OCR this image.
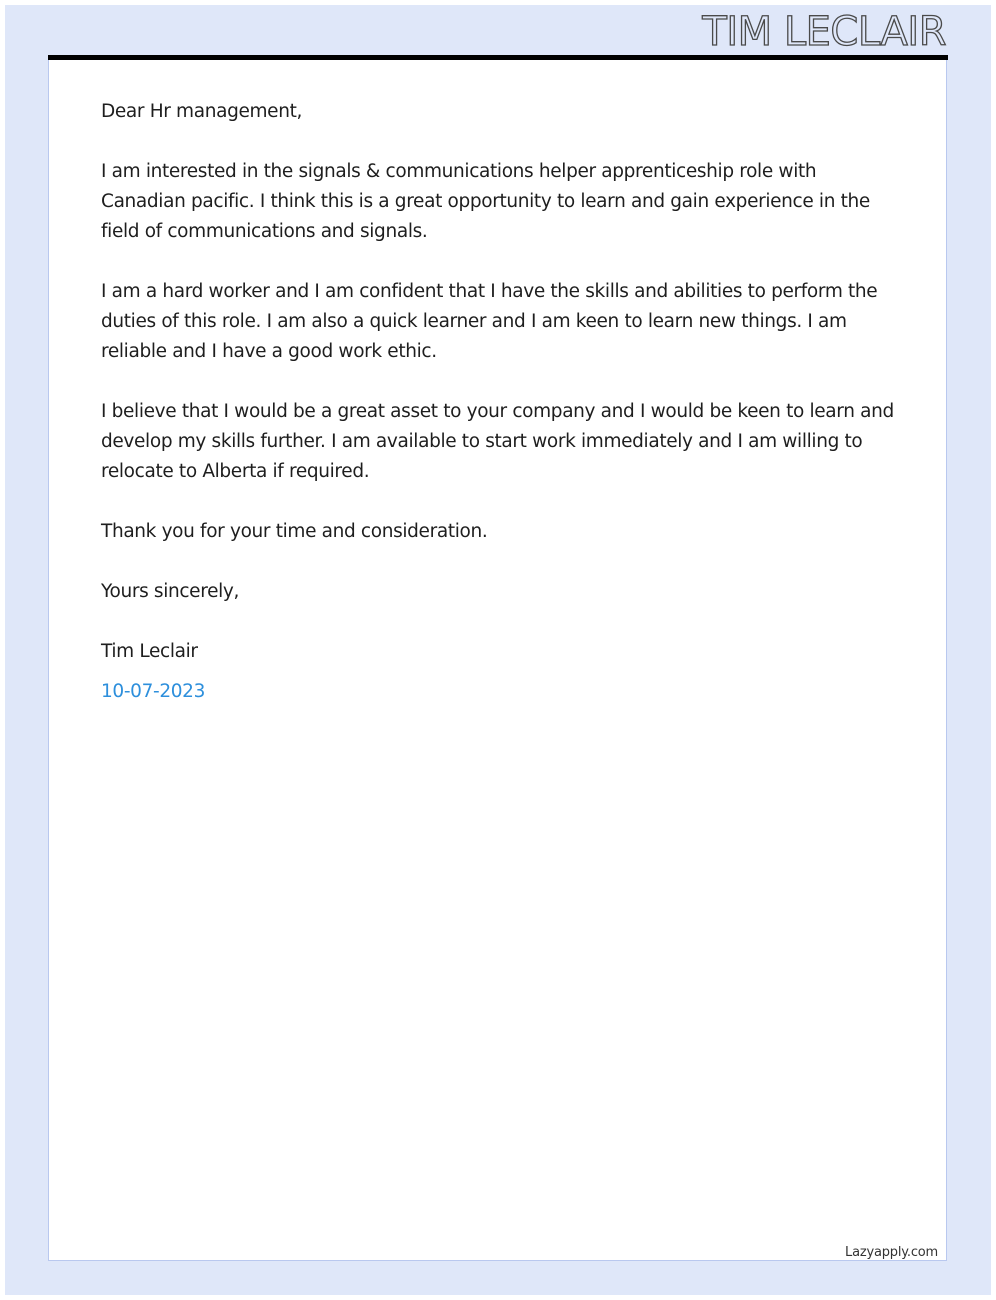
TIM LECLAIR

Dear Hr management,

I am interested in the signals & communications helper apprenticeship role with Canadian pacific. I think this is a great opportunity to learn and gain experience in the field of communications and signals.

I am a hard worker and I am confident that I have the skills and abilities to perform the duties of this role. I am also a quick learner and I am keen to learn new things. I am reliable and I have a good work ethic.

I believe that I would be a great asset to your company and I would be keen to learn and develop my skills further. I am available to start work immediately and I am willing to relocate to Alberta if required.

Thank you for your time and consideration.

Yours sincerely,

Tim Leclair

10-07-2023

Lazyapply.com
